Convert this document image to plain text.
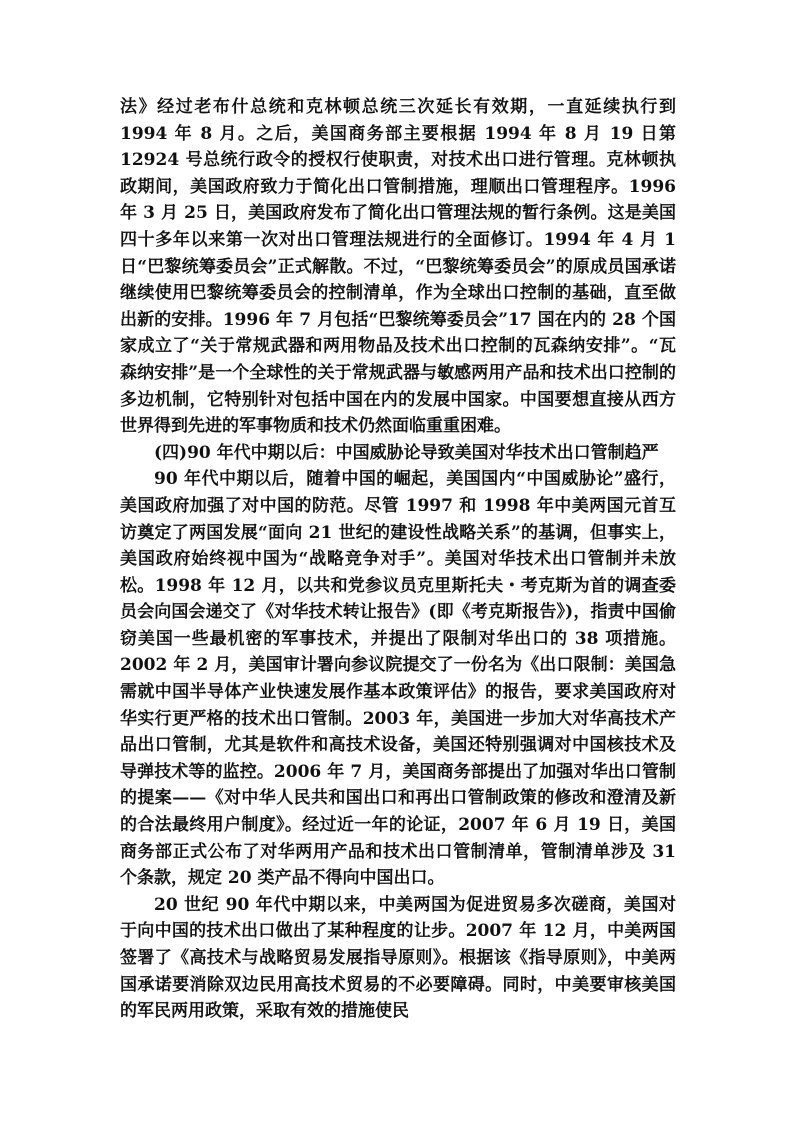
法》经过老布什总统和克林顿总统三次延长有效期，一直延续执行到 1994 年 8 月。之后，美国商务部主要根据 1994 年 8 月 19 日第 12924 号总统行政令的授权行使职责，对技术出口进行管理。克林顿执政期间，美国政府致力于简化出口管制措施，理顺出口管理程序。1996 年 3 月 25 日，美国政府发布了简化出口管理法规的暂行条例。这是美国四十多年以来第一次对出口管理法规进行的全面修订。1994 年 4 月 1 日“巴黎统筹委员会”正式解散。不过，“巴黎统筹委员会”的原成员国承诺继续使用巴黎统筹委员会的控制清单，作为全球出口控制的基础，直至做出新的安排。1996 年 7 月包括“巴黎统筹委员会”17 国在内的 28 个国家成立了“关于常规武器和两用物品及技术出口控制的瓦森纳安排”。“瓦森纳安排”是一个全球性的关于常规武器与敏感两用产品和技术出口控制的多边机制，它特别针对包括中国在内的发展中国家。中国要想直接从西方世界得到先进的军事物质和技术仍然面临重重困难。

(四)90 年代中期以后：中国威胁论导致美国对华技术出口管制趋严

90 年代中期以后，随着中国的崛起，美国国内“中国威胁论”盛行，美国政府加强了对中国的防范。尽管 1997 和 1998 年中美两国元首互访奠定了两国发展“面向 21 世纪的建设性战略关系”的基调，但事实上，美国政府始终视中国为“战略竞争对手”。美国对华技术出口管制并未放松。1998 年 12 月，以共和党参议员克里斯托夫・考克斯为首的调查委员会向国会递交了《对华技术转让报告》(即《考克斯报告》)，指责中国偷窃美国一些最机密的军事技术，并提出了限制对华出口的 38 项措施。2002 年 2 月，美国审计署向参议院提交了一份名为《出口限制：美国急需就中国半导体产业快速发展作基本政策评估》的报告，要求美国政府对华实行更严格的技术出口管制。2003 年，美国进一步加大对华高技术产品出口管制，尤其是软件和高技术设备，美国还特别强调对中国核技术及导弹技术等的监控。2006 年 7 月，美国商务部提出了加强对华出口管制的提案——《对中华人民共和国出口和再出口管制政策的修改和澄清及新的合法最终用户制度》。经过近一年的论证，2007 年 6 月 19 日，美国商务部正式公布了对华两用产品和技术出口管制清单，管制清单涉及 31 个条款，规定 20 类产品不得向中国出口。

20 世纪 90 年代中期以来，中美两国为促进贸易多次磋商，美国对于向中国的技术出口做出了某种程度的让步。2007 年 12 月，中美两国签署了《高技术与战略贸易发展指导原则》。根据该《指导原则》，中美两国承诺要消除双边民用高技术贸易的不必要障碍。同时，中美要审核美国的军民两用政策，采取有效的措施使民
